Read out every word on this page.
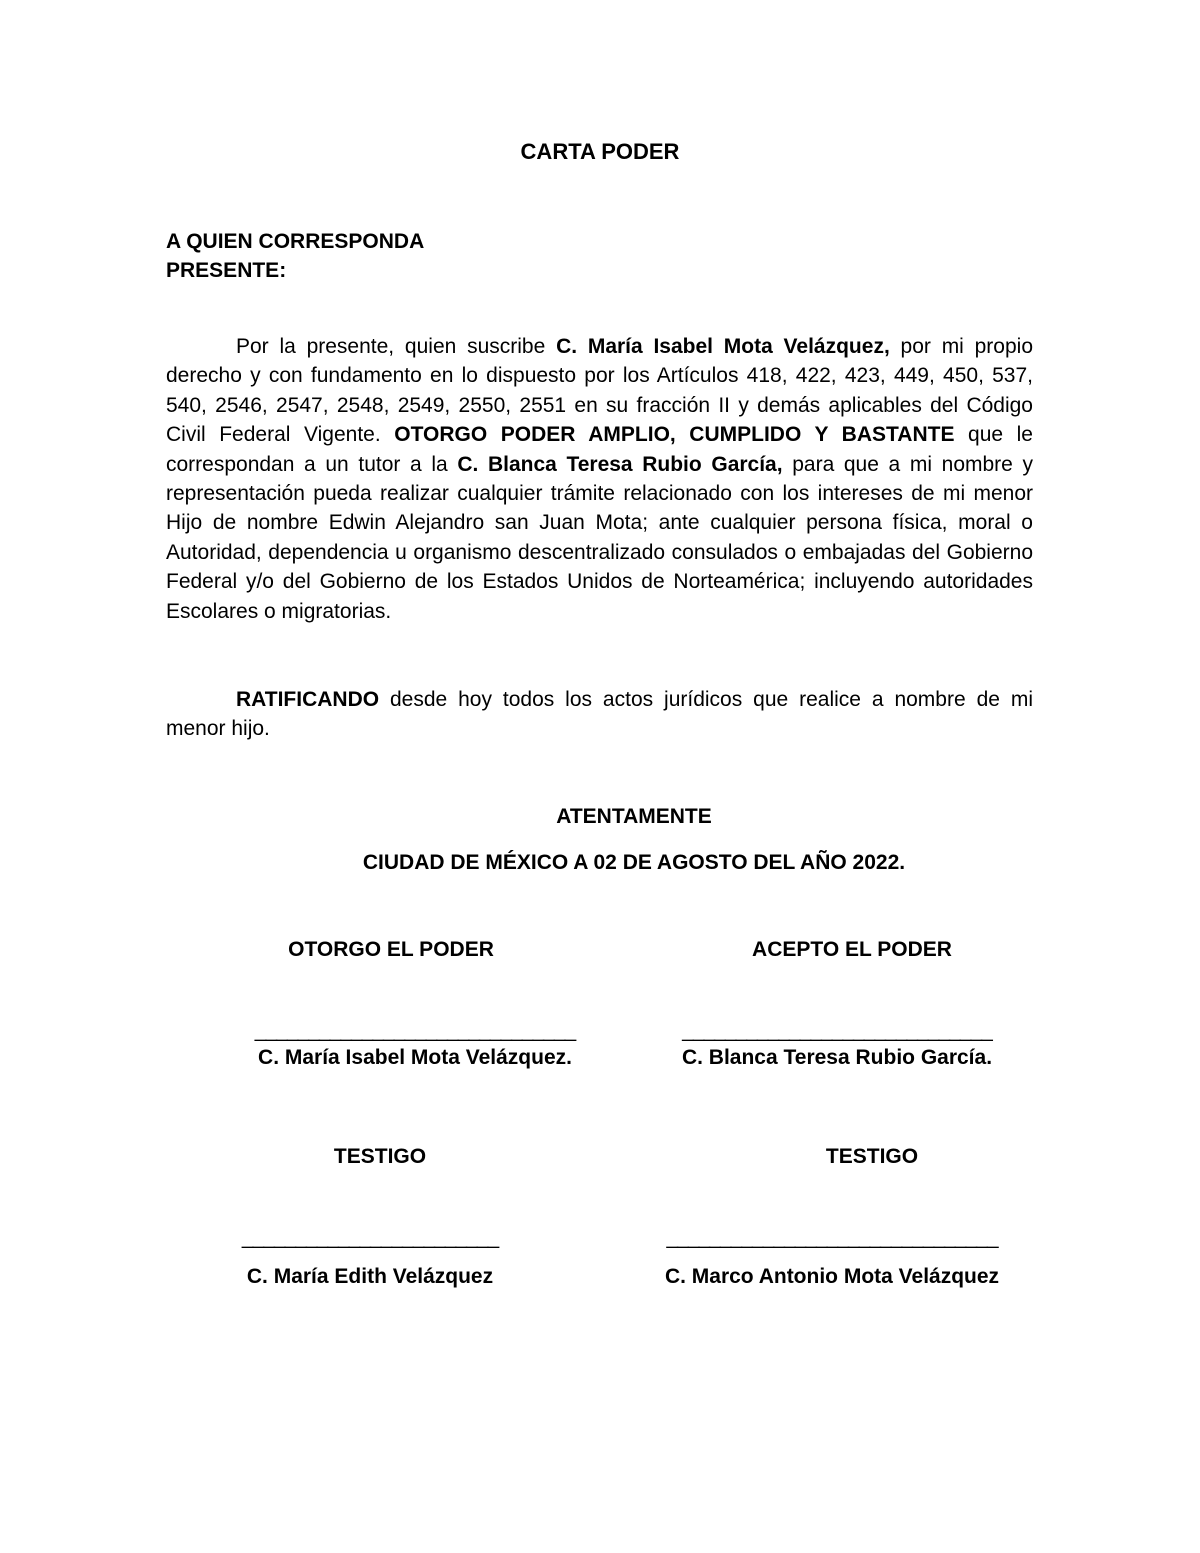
CARTA PODER
A QUIEN CORRESPONDA
PRESENTE:

Por la presente, quien suscribe C. María Isabel Mota Velázquez, por mi propio derecho y con fundamento en lo dispuesto por los Artículos 418, 422, 423, 449, 450, 537, 540, 2546, 2547, 2548, 2549, 2550, 2551 en su fracción II y demás aplicables del Código Civil Federal Vigente. OTORGO PODER AMPLIO, CUMPLIDO Y BASTANTE que le correspondan a un tutor a la C. Blanca Teresa Rubio García, para que a mi nombre y representación pueda realizar cualquier trámite relacionado con los intereses de mi menor Hijo de nombre Edwin Alejandro san Juan Mota; ante cualquier persona física, moral o Autoridad, dependencia u organismo descentralizado consulados o embajadas del Gobierno Federal y/o del Gobierno de los Estados Unidos de Norteamérica; incluyendo autoridades Escolares o migratorias.

RATIFICANDO desde hoy todos los actos jurídicos que realice a nombre de mi menor hijo.

ATENTAMENTE
CIUDAD DE MÉXICO A 02 DE AGOSTO DEL AÑO 2022.
OTORGO EL PODER
______________________________
C. María Isabel Mota Velázquez.
ACEPTO EL PODER
_____________________________
C. Blanca Teresa Rubio García.
TESTIGO
________________________
C. María Edith Velázquez
TESTIGO
_______________________________
C. Marco Antonio Mota Velázquez
